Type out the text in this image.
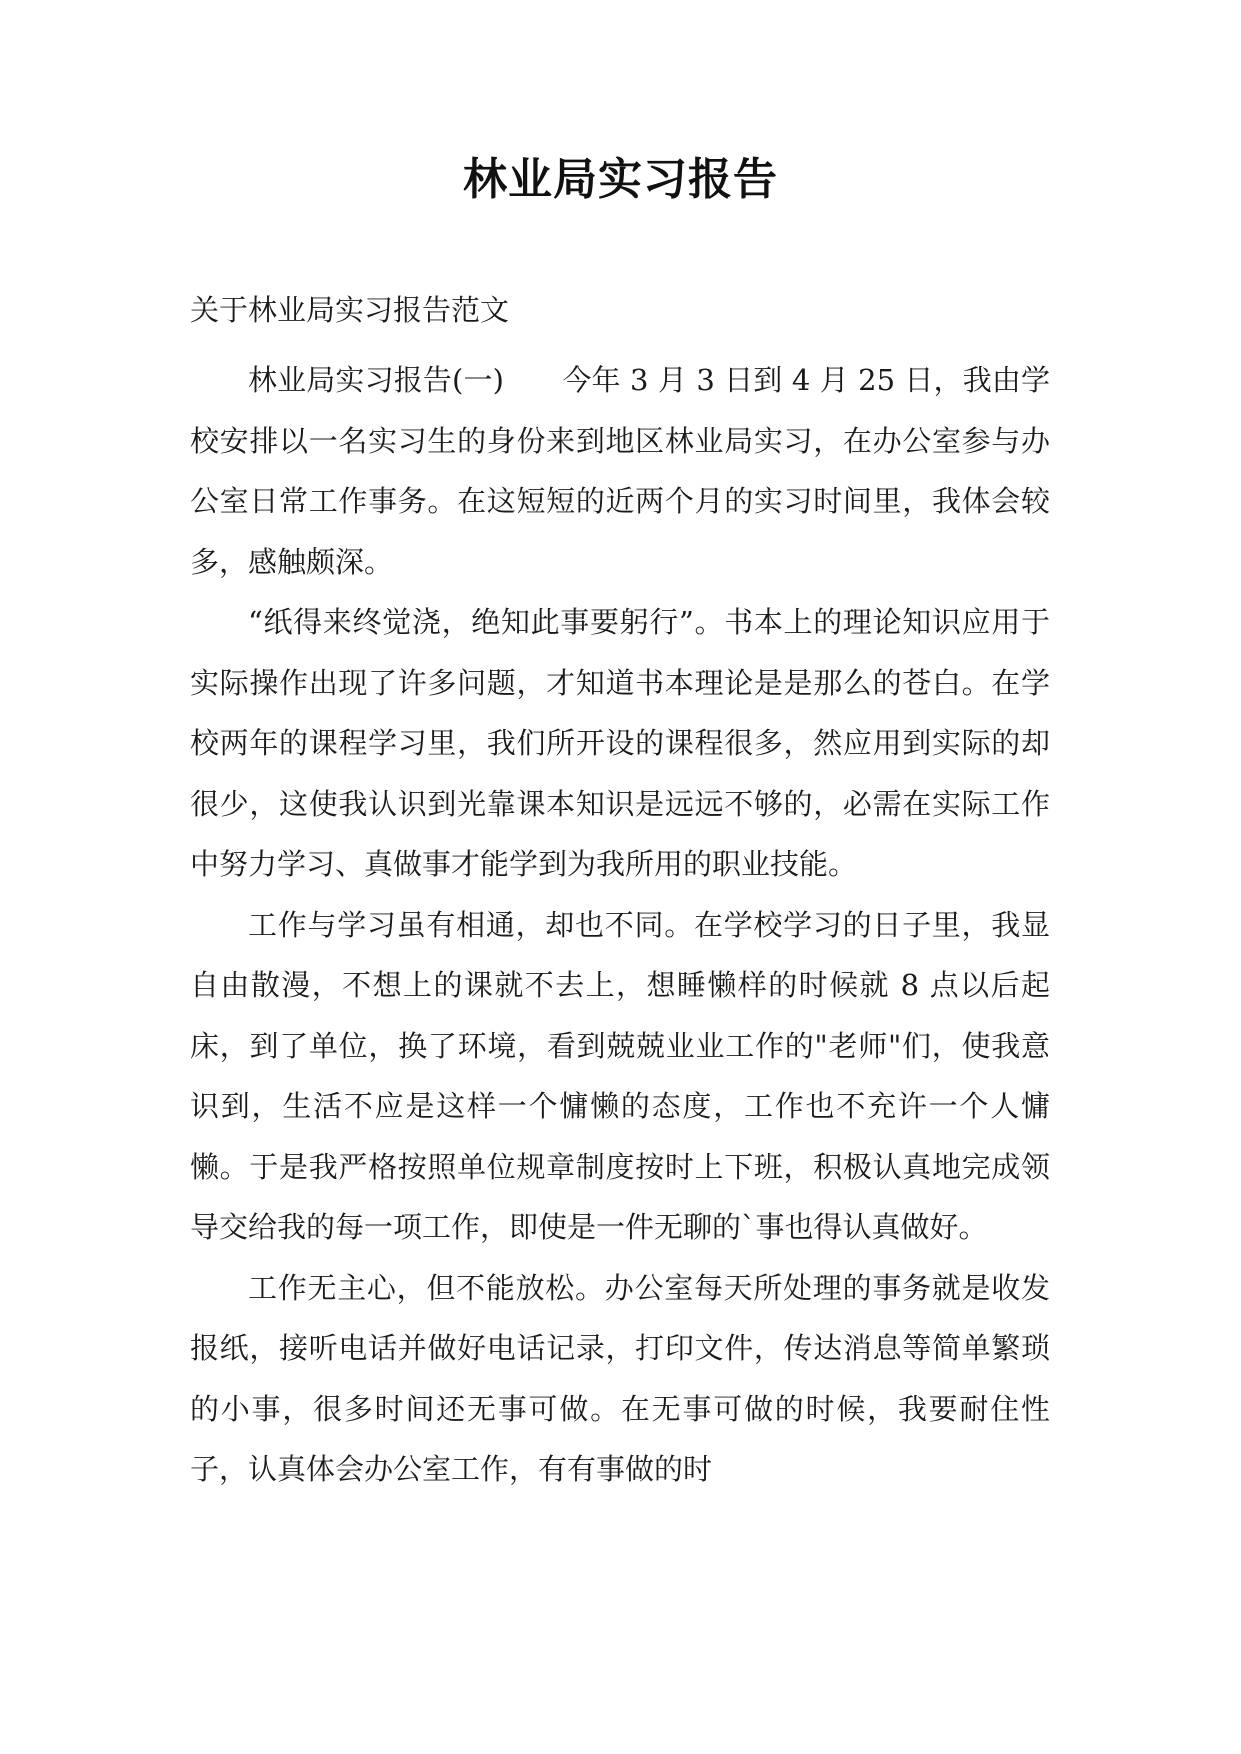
林业局实习报告
关于林业局实习报告范文

林业局实习报告(一)　　今年 3 月 3 日到 4 月 25 日，我由学校安排以一名实习生的身份来到地区林业局实习，在办公室参与办公室日常工作事务。在这短短的近两个月的实习时间里，我体会较多，感触颇深。

“纸得来终觉浇，绝知此事要躬行”。书本上的理论知识应用于实际操作出现了许多问题，才知道书本理论是是那么的苍白。在学校两年的课程学习里，我们所开设的课程很多，然应用到实际的却很少，这使我认识到光靠课本知识是远远不够的，必需在实际工作中努力学习、真做事才能学到为我所用的职业技能。

工作与学习虽有相通，却也不同。在学校学习的日子里，我显自由散漫，不想上的课就不去上，想睡懒样的时候就 8 点以后起床，到了单位，换了环境，看到兢兢业业工作的"老师"们，使我意识到，生活不应是这样一个慵懒的态度，工作也不充许一个人慵懒。于是我严格按照单位规章制度按时上下班，积极认真地完成领导交给我的每一项工作，即使是一件无聊的`事也得认真做好。

工作无主心，但不能放松。办公室每天所处理的事务就是收发报纸，接听电话并做好电话记录，打印文件，传达消息等简单繁琐的小事，很多时间还无事可做。在无事可做的时候，我要耐住性子，认真体会办公室工作，有有事做的时
